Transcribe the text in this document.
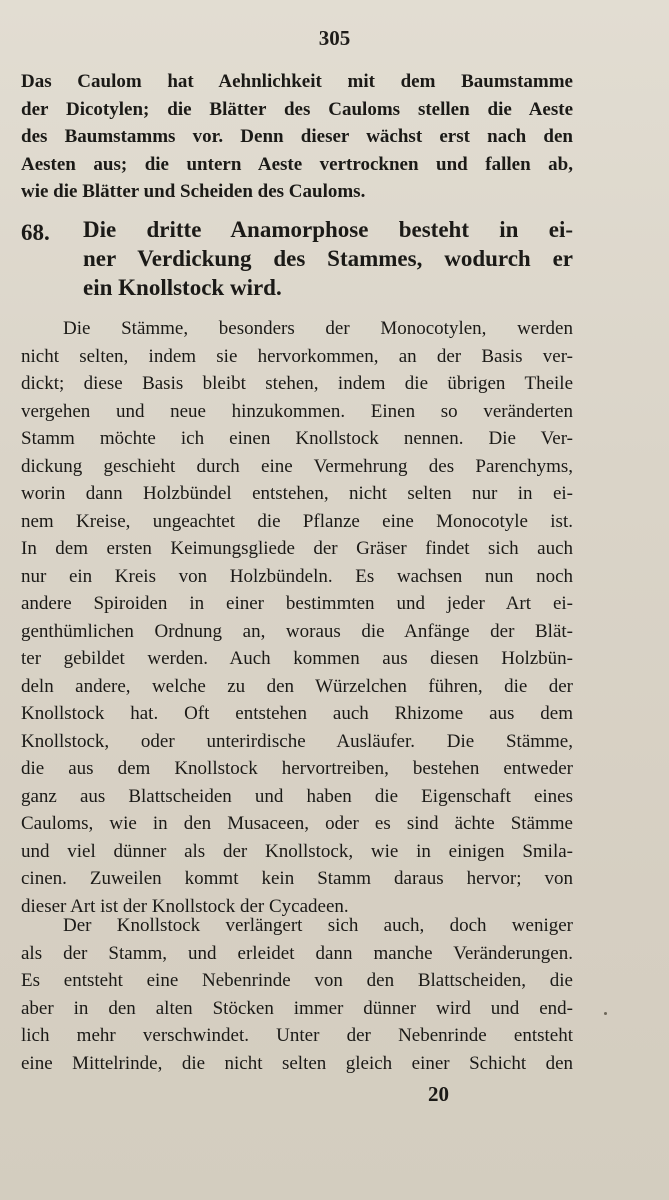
305
Das Caulom hat Aehnlichkeit mit dem Baumstamme
der Dicotylen; die Blätter des Cauloms stellen die Aeste
des Baumstamms vor. Denn dieser wächst erst nach den
Aesten aus; die untern Aeste vertrocknen und fallen ab,
wie die Blätter und Scheiden des Cauloms.
68. Die dritte Anamorphose besteht in ei-
ner Verdickung des Stammes, wodurch er
ein Knollstock wird.
Die Stämme, besonders der Monocotylen, werden
nicht selten, indem sie hervorkommen, an der Basis ver-
dickt; diese Basis bleibt stehen, indem die übrigen Theile
vergehen und neue hinzukommen. Einen so veränderten
Stamm möchte ich einen Knollstock nennen. Die Ver-
dickung geschieht durch eine Vermehrung des Parenchyms,
worin dann Holzbündel entstehen, nicht selten nur in ei-
nem Kreise, ungeachtet die Pflanze eine Monocotyle ist.
In dem ersten Keimungsgliede der Gräser findet sich auch
nur ein Kreis von Holzbündeln. Es wachsen nun noch
andere Spiroiden in einer bestimmten und jeder Art ei-
genthümlichen Ordnung an, woraus die Anfänge der Blät-
ter gebildet werden. Auch kommen aus diesen Holzbün-
deln andere, welche zu den Würzelchen führen, die der
Knollstock hat. Oft entstehen auch Rhizome aus dem
Knollstock, oder unterirdische Ausläufer. Die Stämme,
die aus dem Knollstock hervortreiben, bestehen entweder
ganz aus Blattscheiden und haben die Eigenschaft eines
Cauloms, wie in den Musaceen, oder es sind ächte Stämme
und viel dünner als der Knollstock, wie in einigen Smila-
cinen. Zuweilen kommt kein Stamm daraus hervor; von
dieser Art ist der Knollstock der Cycadeen.
Der Knollstock verlängert sich auch, doch weniger
als der Stamm, und erleidet dann manche Veränderungen.
Es entsteht eine Nebenrinde von den Blattscheiden, die
aber in den alten Stöcken immer dünner wird und end-
lich mehr verschwindet. Unter der Nebenrinde entsteht
eine Mittelrinde, die nicht selten gleich einer Schicht den
20
